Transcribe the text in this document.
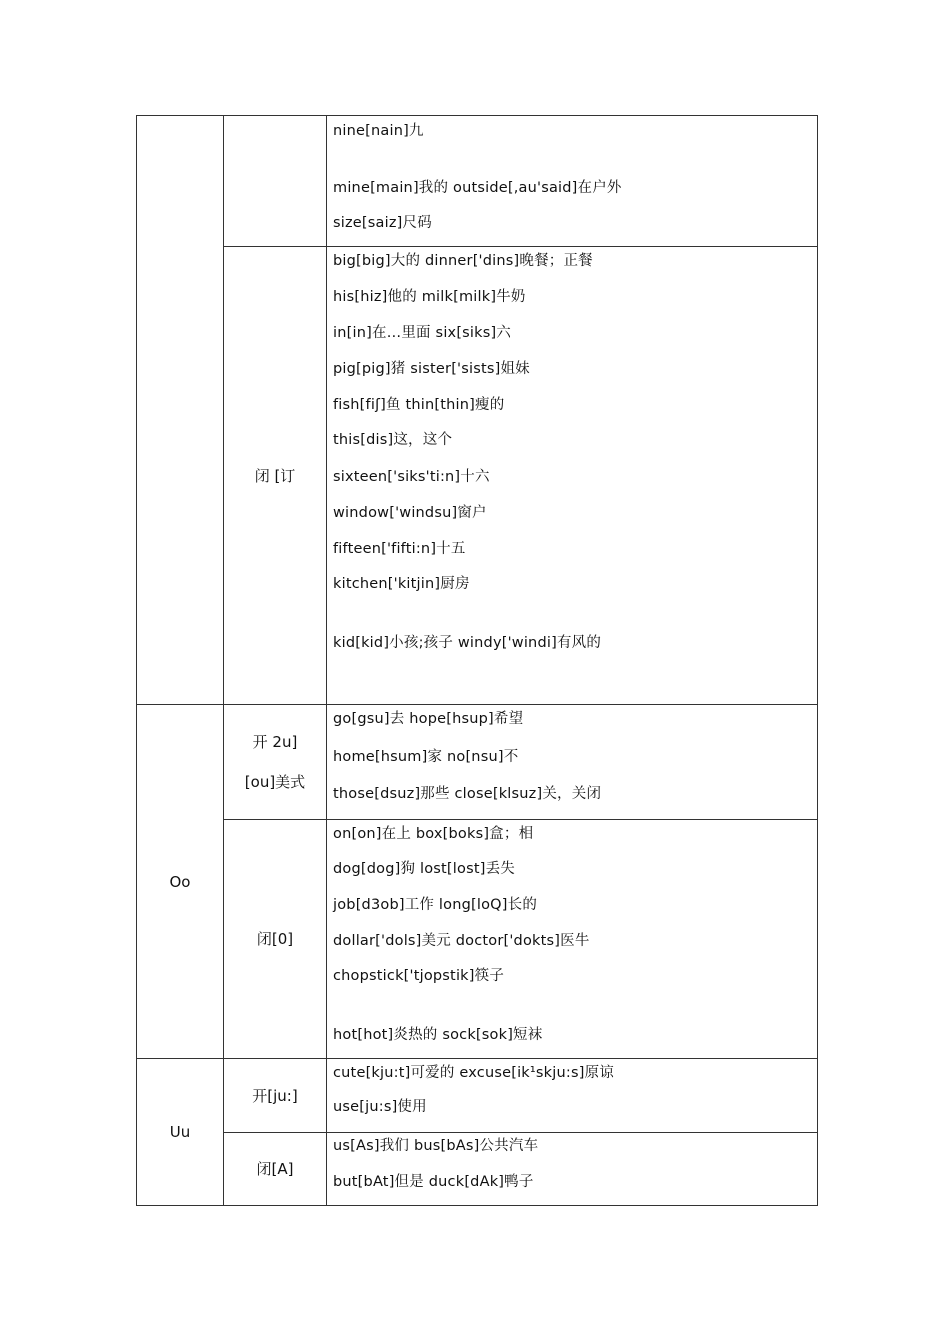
nine[nain]九
mine[main]我的 outside[,au'said]在户外
size[saiz]尺码
闭 [订
big[big]大的 dinner['dins]晚餐；正餐
his[hiz]他的 milk[milk]牛奶
in[in]在…里面 six[siks]六
pig[pig]猪 sister['sists]姐妹
fish[fiʃ]鱼 thin[thin]瘦的
this[dis]这，这个
sixteen['siks'ti:n]十六
window['windsu]窗户
fifteen['fifti:n]十五
kitchen['kitjin]厨房
kid[kid]小孩;孩子 windy['windi]有风的
Oo
开 2u]
[ou]美式
go[gsu]去 hope[hsup]希望
home[hsum]家 no[nsu]不
those[dsuz]那些 close[klsuz]关，关闭
闭[0]
on[on]在上 box[boks]盒；相
dog[dog]狗 lost[lost]丢失
job[d3ob]工作 long[loQ]长的
dollar['dols]美元 doctor['dokts]医牛
chopstick['tjopstik]筷子
hot[hot]炎热的 sock[sok]短袜
Uu
开[ju:]
cute[kju:t]可爱的 excuse[ik¹skju:s]原谅
use[ju:s]使用
闭[A]
us[As]我们 bus[bAs]公共汽车
but[bAt]但是 duck[dAk]鸭子
